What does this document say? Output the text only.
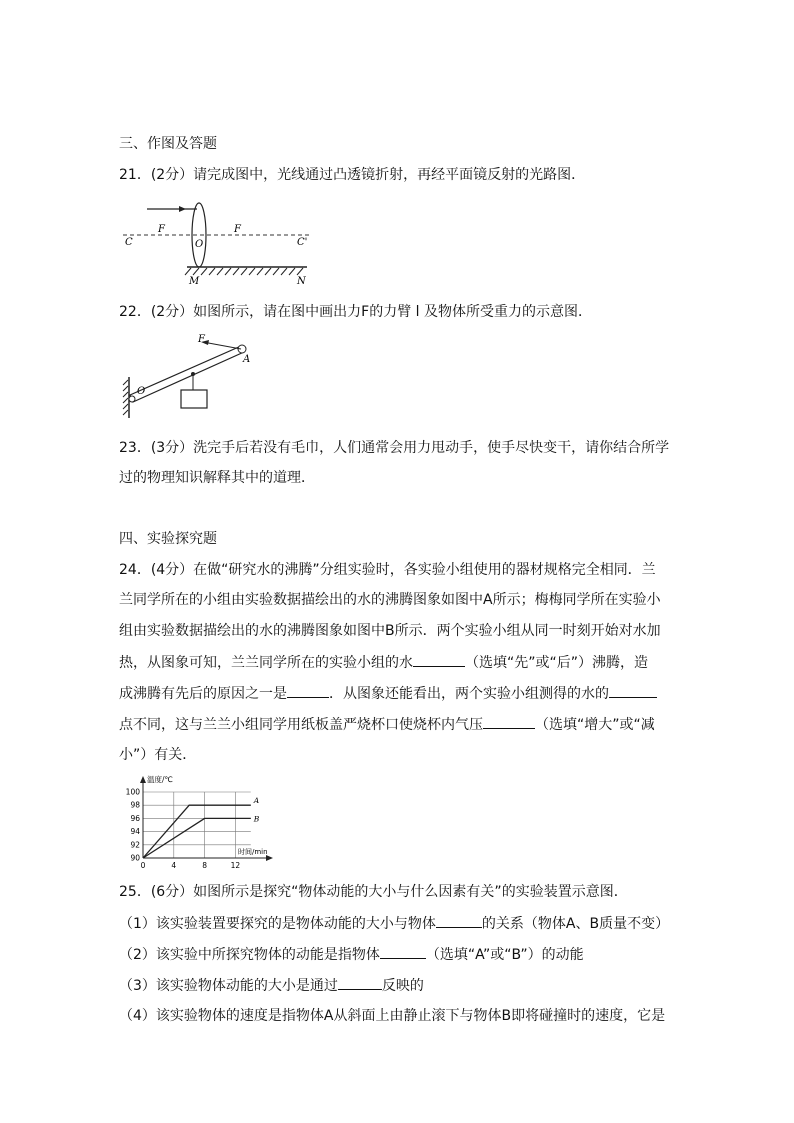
三、作图及答题
21．(2分）请完成图中，光线通过凸透镜折射，再经平面镜反射的光路图．
C
F
O
F
C'
M	N
22．(2分）如图所示，请在图中画出力F的力臂 l 及物体所受重力的示意图．
F
A
O
23．(3分）洗完手后若没有毛巾，人们通常会用力甩动手，使手尽快变干，请你结合所学
过的物理知识解释其中的道理．
四、实验探究题
24．(4分）在做“研究水的沸腾”分组实验时，各实验小组使用的器材规格完全相同．兰
兰同学所在的小组由实验数据描绘出的水的沸腾图象如图中A所示；梅梅同学所在实验小
组由实验数据描绘出的水的沸腾图象如图中B所示．两个实验小组从同一时刻开始对水加
热，从图象可知，兰兰同学所在的实验小组的水	（选填“先”或“后”）沸腾，造
成沸腾有先后的原因之一是	．从图象还能看出，两个实验小组测得的水的
点不同，这与兰兰小组同学用纸板盖严烧杯口使烧杯内气压	（选填“增大”或“减
小”）有关．
温度/℃
时间/min
100
98
96
94
92
90
0	4	8	12
A
B
25．(6分）如图所示是探究“物体动能的大小与什么因素有关”的实验装置示意图．
（1）该实验装置要探究的是物体动能的大小与物体	的关系（物体A、B质量不变）
（2）该实验中所探究物体的动能是指物体	（选填“A”或“B”）的动能
（3）该实验物体动能的大小是通过	反映的
（4）该实验物体的速度是指物体A从斜面上由静止滚下与物体B即将碰撞时的速度，它是
